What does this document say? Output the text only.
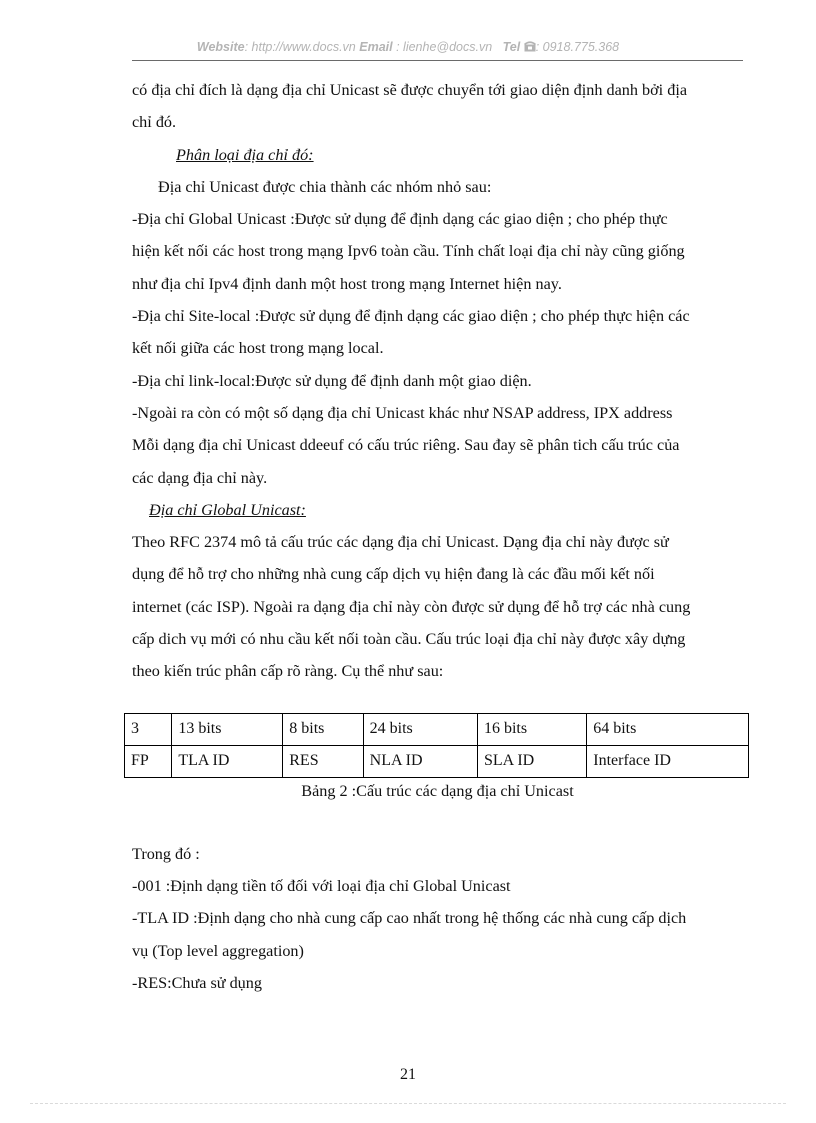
Website: http://www.docs.vn Email : lienhe@docs.vn Tel : 0918.775.368

có địa chỉ đích là dạng địa chỉ Unicast sẽ được chuyển tới giao diện định danh bởi địa

chỉ đó.

Phân loại địa chỉ đó:

Địa chỉ Unicast được chia thành các nhóm nhỏ sau:

-Địa chỉ Global Unicast :Được sử dụng để định dạng các giao diện ; cho phép thực

hiện kết nối các host trong mạng Ipv6 toàn cầu. Tính chất loại địa chỉ này cũng giống

như địa chỉ Ipv4 định danh một host trong mạng Internet hiện nay.

-Địa chỉ Site-local :Được sử dụng để định dạng các giao diện ; cho phép thực hiện các

kết nối giữa các host trong mạng local.

-Địa chỉ link-local:Được sử dụng để định danh một giao diện.

-Ngoài ra còn có một số dạng địa chỉ Unicast khác như NSAP address, IPX address

Mỗi dạng địa chỉ Unicast ddeeuf có cấu trúc riêng. Sau đay sẽ phân tich cấu trúc của

các dạng địa chỉ này.

Địa chỉ Global Unicast:

Theo RFC 2374 mô tả cấu trúc các dạng địa chỉ Unicast. Dạng địa chỉ này được sử

dụng để hỗ trợ cho những nhà cung cấp dịch vụ hiện đang là các đầu mối kết nối

internet (các ISP). Ngoài ra dạng địa chỉ này còn được sử dụng để hỗ trợ các nhà cung

cấp dich vụ mới có nhu cầu kết nối toàn cầu. Cấu trúc loại địa chỉ này được xây dựng

theo kiến trúc phân cấp rõ ràng. Cụ thể như sau:

3	13 bits	8 bits	24 bits	16 bits	64 bits
FP	TLA ID	RES	NLA ID	SLA ID	Interface ID

Bảng 2 :Cấu trúc các dạng địa chỉ Unicast

Trong đó :

-001 :Định dạng tiền tố đối với loại địa chỉ Global Unicast

-TLA ID :Định dạng cho nhà cung cấp cao nhất trong hệ thống các nhà cung cấp dịch

vụ (Top level aggregation)

-RES:Chưa sử dụng

21
